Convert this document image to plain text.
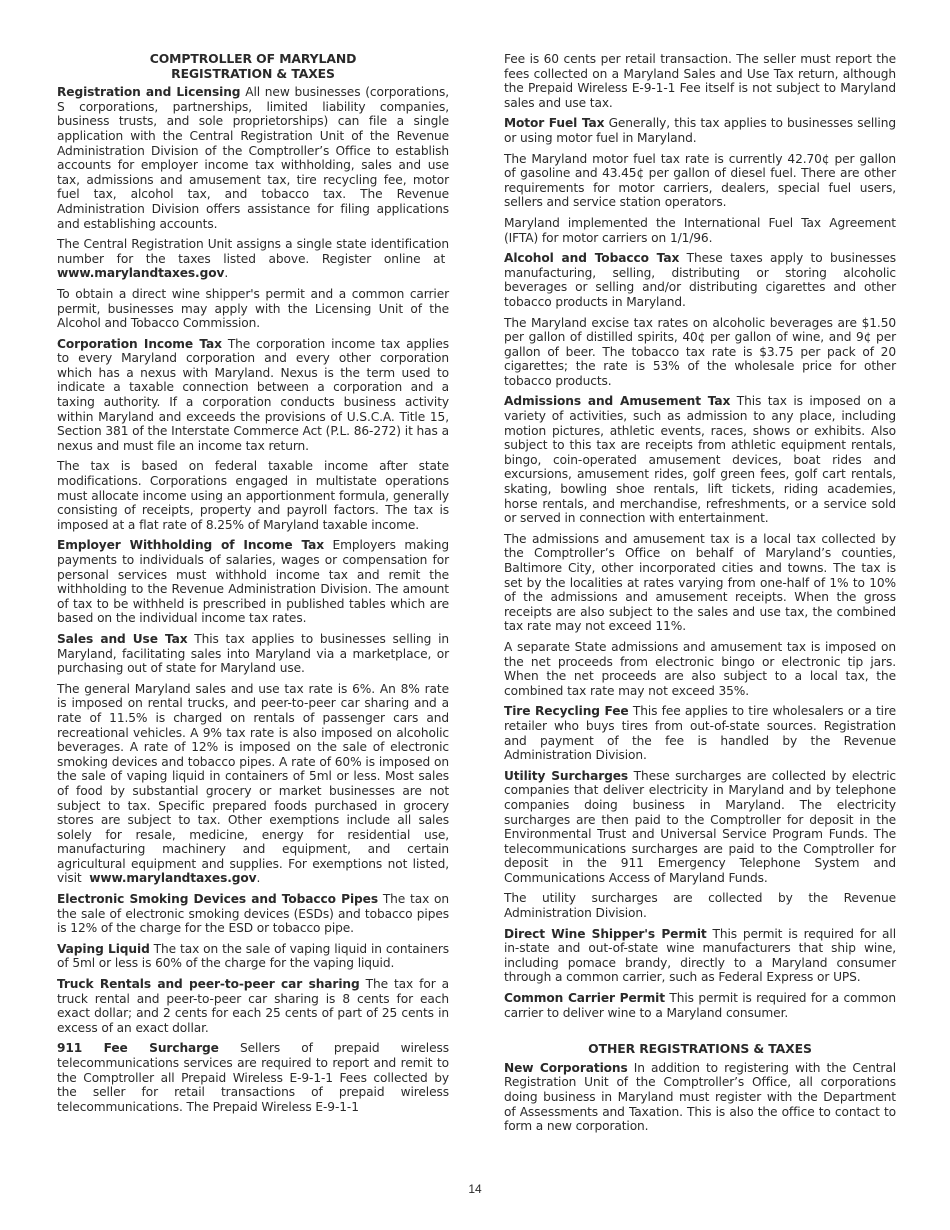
COMPTROLLER OF MARYLAND
REGISTRATION & TAXES

Registration and Licensing All new businesses (corporations, S corporations, partnerships, limited liability companies, business trusts, and sole proprietorships) can file a single application with the Central Registration Unit of the Revenue Administration Division of the Comptroller’s Office to establish accounts for employer income tax withholding, sales and use tax, admissions and amusement tax, tire recycling fee, motor fuel tax, alcohol tax, and tobacco tax. The Revenue Administration Division offers assistance for filing applications and establishing accounts.

The Central Registration Unit assigns a single state identification number for the taxes listed above. Register online at  www.marylandtaxes.gov.

To obtain a direct wine shipper's permit and a common carrier permit, businesses may apply with the Licensing Unit of the Alcohol and Tobacco Commission.

Corporation Income Tax The corporation income tax applies to every Maryland corporation and every other corporation which has a nexus with Maryland. Nexus is the term used to indicate a taxable connection between a corporation and a taxing authority. If a corporation conducts business activity within Maryland and exceeds the provisions of U.S.C.A. Title 15, Section 381 of the Interstate Commerce Act (P.L. 86-272) it has a nexus and must file an income tax return.

The tax is based on federal taxable income after state modifications. Corporations engaged in multistate operations must allocate income using an apportionment formula, generally consisting of receipts, property and payroll factors. The tax is imposed at a flat rate of 8.25% of Maryland taxable income.

Employer Withholding of Income Tax Employers making payments to individuals of salaries, wages or compensation for personal services must withhold income tax and remit the withholding to the Revenue Administration Division. The amount of tax to be withheld is prescribed in published tables which are based on the individual income tax rates.

Sales and Use Tax This tax applies to businesses selling in Maryland, facilitating sales into Maryland via a marketplace, or purchasing out of state for Maryland use.

The general Maryland sales and use tax rate is 6%. An 8% rate is imposed on rental trucks, and peer-to-peer car sharing and a rate of 11.5% is charged on rentals of passenger cars and recreational vehicles. A 9% tax rate is also imposed on alcoholic beverages. A rate of 12% is imposed on the sale of electronic smoking devices and tobacco pipes. A rate of 60% is imposed on the sale of vaping liquid in containers of 5ml or less. Most sales of food by substantial grocery or market businesses are not subject to tax. Specific prepared foods purchased in grocery stores are subject to tax. Other exemptions include all sales solely for resale, medicine, energy for residential use, manufacturing machinery and equipment, and certain agricultural equipment and supplies. For exemptions not listed, visit www.marylandtaxes.gov.

Electronic Smoking Devices and Tobacco Pipes The tax on the sale of electronic smoking devices (ESDs) and tobacco pipes is 12% of the charge for the ESD or tobacco pipe.

Vaping Liquid The tax on the sale of vaping liquid in containers of 5ml or less is 60% of the charge for the vaping liquid.

Truck Rentals and peer-to-peer car sharing The tax for a truck rental and peer-to-peer car sharing is 8 cents for each exact dollar; and 2 cents for each 25 cents of part of 25 cents in excess of an exact dollar.

911 Fee Surcharge Sellers of prepaid wireless telecommunications services are required to report and remit to the Comptroller all Prepaid Wireless E-9-1-1 Fees collected by the seller for retail transactions of prepaid wireless telecommunications. The Prepaid Wireless E-9-1-1

Fee is 60 cents per retail transaction. The seller must report the fees collected on a Maryland Sales and Use Tax return, although the Prepaid Wireless E-9-1-1 Fee itself is not subject to Maryland sales and use tax.

Motor Fuel Tax Generally, this tax applies to businesses selling or using motor fuel in Maryland.

The Maryland motor fuel tax rate is currently 42.70¢ per gallon of gasoline and 43.45¢ per gallon of diesel fuel. There are other requirements for motor carriers, dealers, special fuel users, sellers and service station operators.

Maryland implemented the International Fuel Tax Agreement (IFTA) for motor carriers on 1/1/96.

Alcohol and Tobacco Tax These taxes apply to businesses manufacturing, selling, distributing or storing alcoholic beverages or selling and/or distributing cigarettes and other tobacco products in Maryland.

The Maryland excise tax rates on alcoholic beverages are $1.50 per gallon of distilled spirits, 40¢ per gallon of wine, and 9¢ per gallon of beer. The tobacco tax rate is $3.75 per pack of 20 cigarettes; the rate is 53% of the wholesale price for other tobacco products.

Admissions and Amusement Tax This tax is imposed on a variety of activities, such as admission to any place, including motion pictures, athletic events, races, shows or exhibits. Also subject to this tax are receipts from athletic equipment rentals, bingo, coin-operated amusement devices, boat rides and excursions, amusement rides, golf green fees, golf cart rentals, skating, bowling shoe rentals, lift tickets, riding academies, horse rentals, and merchandise, refreshments, or a service sold or served in connection with entertainment.

The admissions and amusement tax is a local tax collected by the Comptroller’s Office on behalf of Maryland’s counties, Baltimore City, other incorporated cities and towns. The tax is set by the localities at rates varying from one-half of 1% to 10% of the admissions and amusement receipts. When the gross receipts are also subject to the sales and use tax, the combined tax rate may not exceed 11%.

A separate State admissions and amusement tax is imposed on the net proceeds from electronic bingo or electronic tip jars. When the net proceeds are also subject to a local tax, the combined tax rate may not exceed 35%.

Tire Recycling Fee This fee applies to tire wholesalers or a tire retailer who buys tires from out-of-state sources. Registration and payment of the fee is handled by the Revenue Administration Division.

Utility Surcharges These surcharges are collected by electric companies that deliver electricity in Maryland and by telephone companies doing business in Maryland. The electricity surcharges are then paid to the Comptroller for deposit in the Environmental Trust and Universal Service Program Funds. The telecommunications surcharges are paid to the Comptroller for deposit in the 911 Emergency Telephone System and Communications Access of Maryland Funds.

The utility surcharges are collected by the Revenue Administration Division.

Direct Wine Shipper's Permit This permit is required for all in-state and out-of-state wine manufacturers that ship wine, including pomace brandy, directly to a Maryland consumer through a common carrier, such as Federal Express or UPS.

Common Carrier Permit This permit is required for a common carrier to deliver wine to a Maryland consumer.

OTHER REGISTRATIONS & TAXES

New Corporations In addition to registering with the Central Registration Unit of the Comptroller’s Office, all corporations doing business in Maryland must register with the Department of Assessments and Taxation. This is also the office to contact to form a new corporation.

14
